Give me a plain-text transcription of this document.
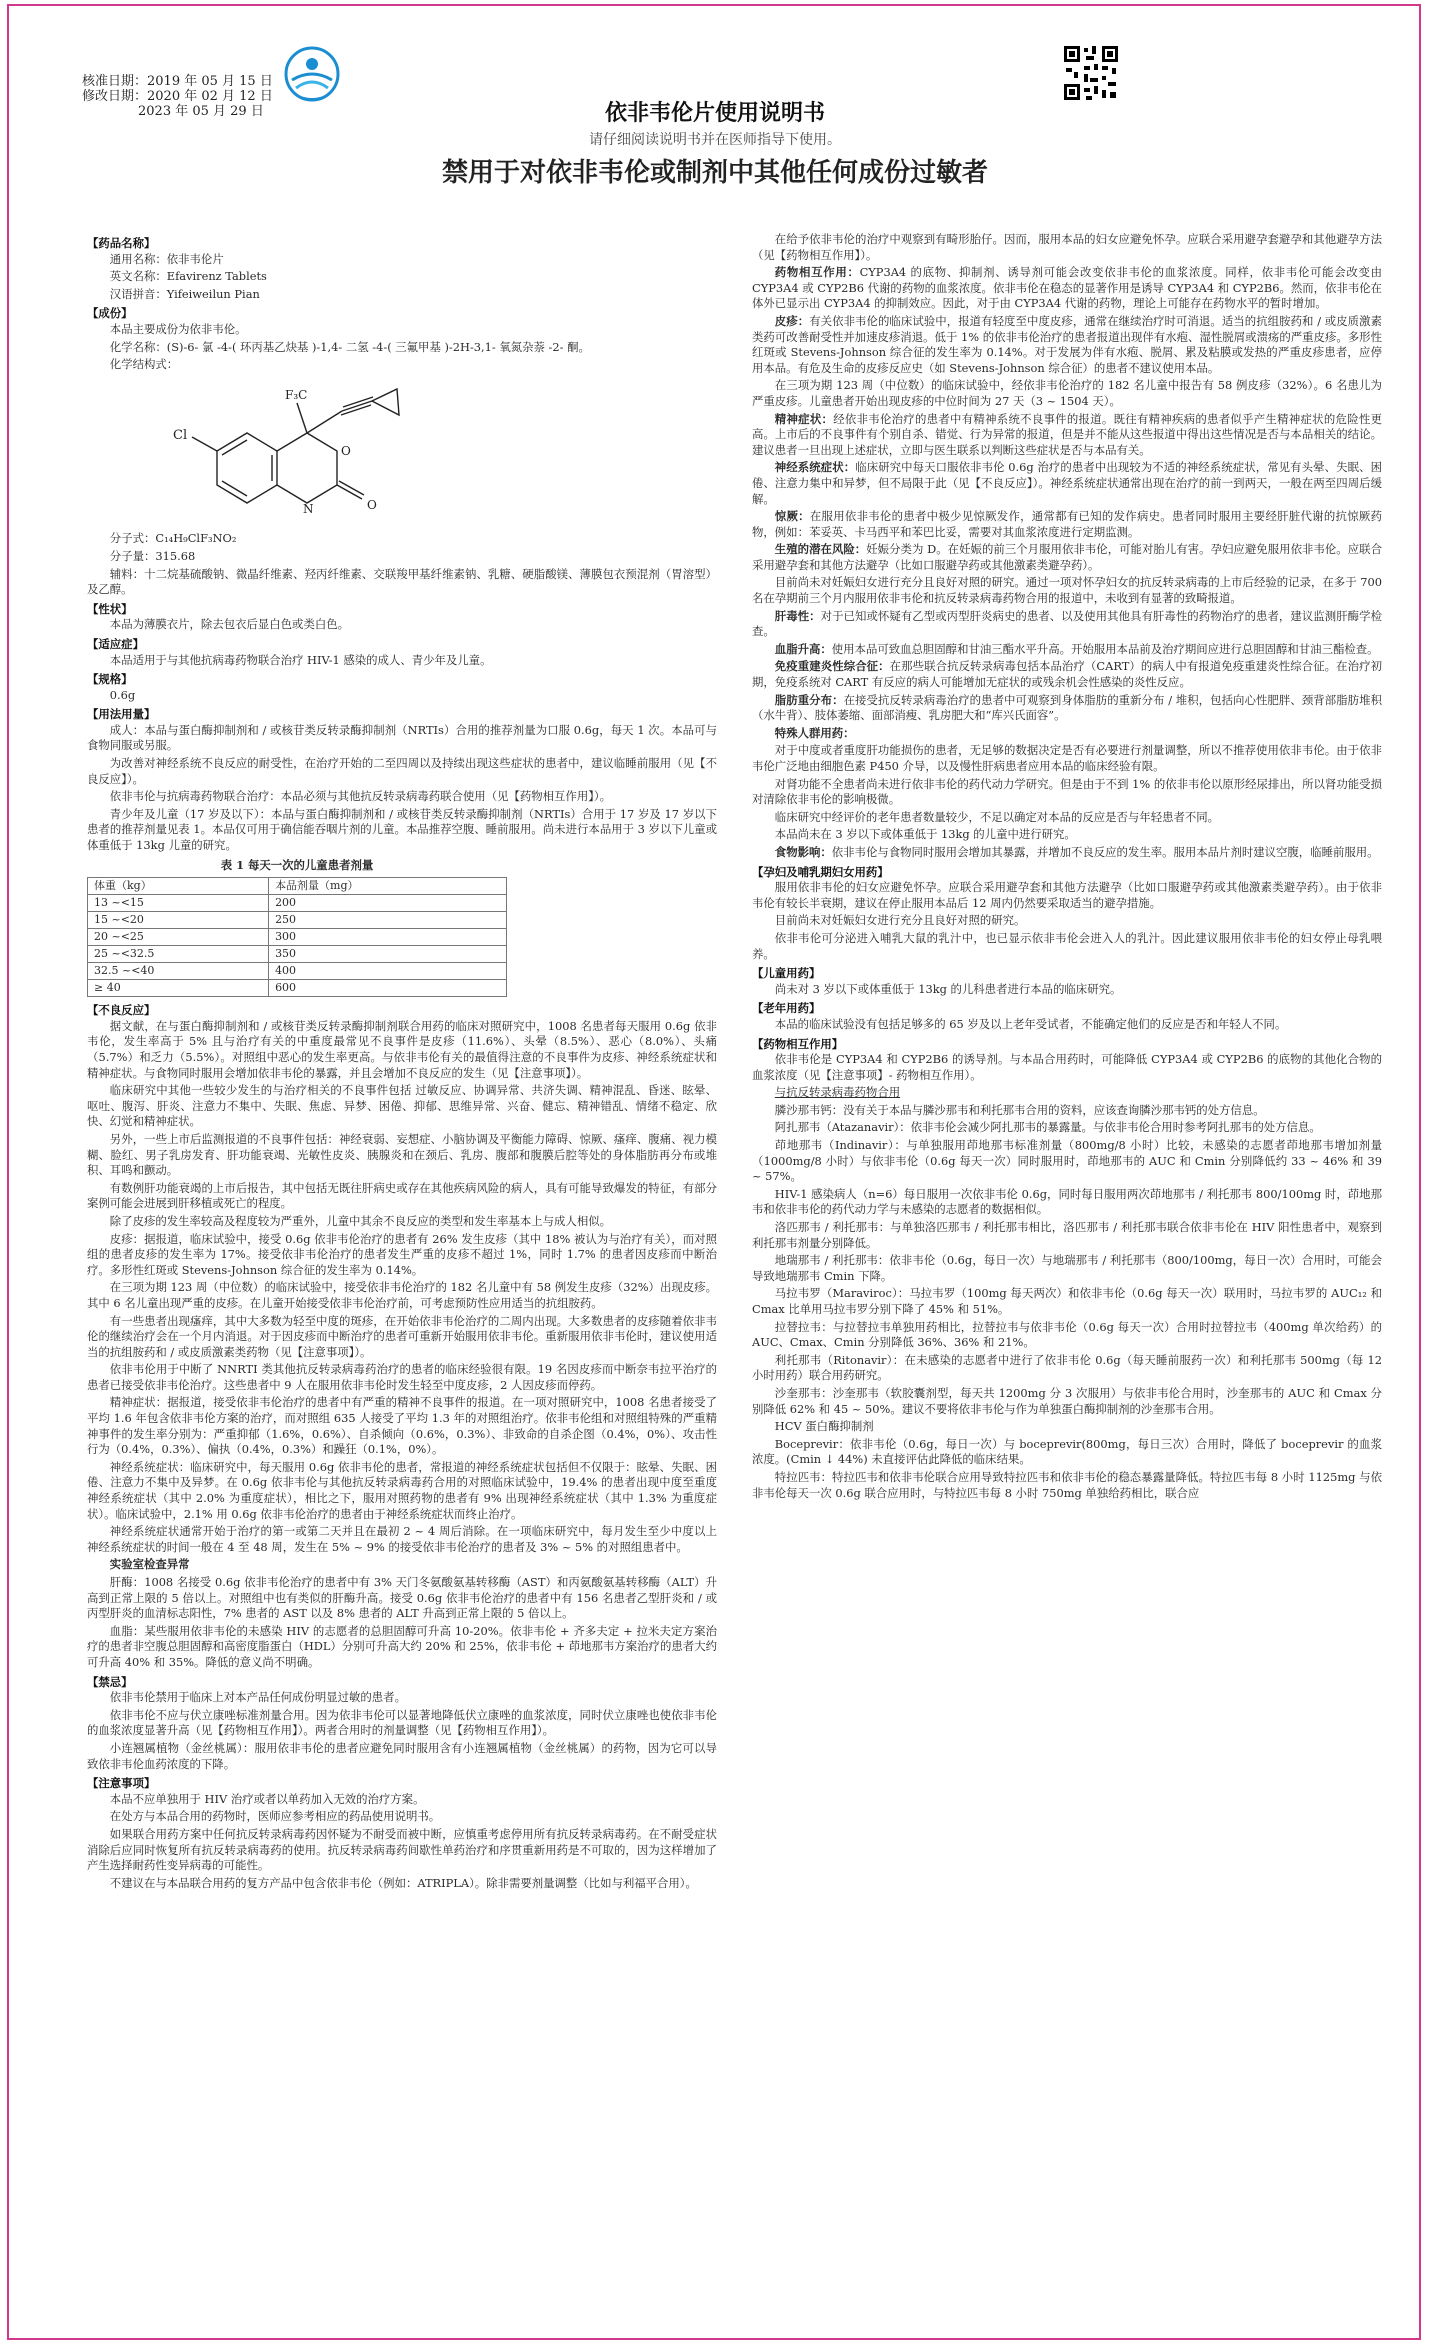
核准日期：2019 年 05 月 15 日
修改日期：2020 年 02 月 12 日
2023 年 05 月 29 日	依非韦伦片使用说明书
请仔细阅读说明书并在医师指导下使用。
禁用于对依非韦伦或制剂中其他任何成份过敏者
【药品名称】

通用名称：依非韦伦片

英文名称：Efavirenz Tablets

汉语拼音：Yifeiweilun Pian

【成份】

本品主要成份为依非韦伦。

化学名称：(S)-6- 氯 -4-( 环丙基乙炔基 )-1,4- 二氢 -4-( 三氟甲基 )-2H-3,1- 氧氮杂萘 -2- 酮。

化学结构式：

Cl
F₃C
O
O
N

分子式：C₁₄H₉ClF₃NO₂

分子量：315.68

辅料：十二烷基硫酸钠、微晶纤维素、羟丙纤维素、交联羧甲基纤维素钠、乳糖、硬脂酸镁、薄膜包衣预混剂（胃溶型）及乙醇。

【性状】

本品为薄膜衣片，除去包衣后显白色或类白色。

【适应症】

本品适用于与其他抗病毒药物联合治疗 HIV-1 感染的成人、青少年及儿童。

【规格】

0.6g

【用法用量】

成人：本品与蛋白酶抑制剂和 / 或核苷类反转录酶抑制剂（NRTIs）合用的推荐剂量为口服 0.6g，每天 1 次。本品可与食物同服或另服。

为改善对神经系统不良反应的耐受性，在治疗开始的二至四周以及持续出现这些症状的患者中，建议临睡前服用（见【不良反应】）。

依非韦伦与抗病毒药物联合治疗：本品必须与其他抗反转录病毒药联合使用（见【药物相互作用】）。

青少年及儿童（17 岁及以下）：本品与蛋白酶抑制剂和 / 或核苷类反转录酶抑制剂（NRTIs）合用于 17 岁及 17 岁以下患者的推荐剂量见表 1。本品仅可用于确信能吞咽片剂的儿童。本品推荐空腹、睡前服用。尚未进行本品用于 3 岁以下儿童或体重低于 13kg 儿童的研究。

表 1 每天一次的儿童患者剂量
体重（kg）	本品剂量（mg）
13 ~<15	200
15 ~<20	250
20 ~<25	300
25 ~<32.5	350
32.5 ~<40	400
≥ 40	600
【不良反应】

据文献，在与蛋白酶抑制剂和 / 或核苷类反转录酶抑制剂联合用药的临床对照研究中，1008 名患者每天服用 0.6g 依非韦伦，发生率高于 5% 且与治疗有关的中重度最常见不良事件是皮疹（11.6%）、头晕（8.5%）、恶心（8.0%）、头痛（5.7%）和乏力（5.5%）。对照组中恶心的发生率更高。与依非韦伦有关的最值得注意的不良事件为皮疹、神经系统症状和精神症状。与食物同时服用会增加依非韦伦的暴露，并且会增加不良反应的发生（见【注意事项】）。

临床研究中其他一些较少发生的与治疗相关的不良事件包括 过敏反应、协调异常、共济失调、精神混乱、昏迷、眩晕、呕吐、腹泻、肝炎、注意力不集中、失眠、焦虑、异梦、困倦、抑郁、思维异常、兴奋、健忘、精神错乱、情绪不稳定、欣快、幻觉和精神症状。

另外，一些上市后监测报道的不良事件包括：神经衰弱、妄想症、小脑协调及平衡能力障碍、惊厥、瘙痒、腹痛、视力模糊、脸红、男子乳房发育、肝功能衰竭、光敏性皮炎、胰腺炎和在颈后、乳房、腹部和腹膜后腔等处的身体脂肪再分布或堆积、耳鸣和颤动。

有数例肝功能衰竭的上市后报告，其中包括无既往肝病史或存在其他疾病风险的病人，具有可能导致爆发的特征，有部分案例可能会进展到肝移植或死亡的程度。

除了皮疹的发生率较高及程度较为严重外，儿童中其余不良反应的类型和发生率基本上与成人相似。

皮疹：据报道，临床试验中，接受 0.6g 依非韦伦治疗的患者有 26% 发生皮疹（其中 18% 被认为与治疗有关），而对照组的患者皮疹的发生率为 17%。接受依非韦伦治疗的患者发生严重的皮疹不超过 1%，同时 1.7% 的患者因皮疹而中断治疗。多形性红斑或 Stevens-Johnson 综合征的发生率为 0.14%。

在三项为期 123 周（中位数）的临床试验中，接受依非韦伦治疗的 182 名儿童中有 58 例发生皮疹（32%）出现皮疹。其中 6 名儿童出现严重的皮疹。在儿童开始接受依非韦伦治疗前，可考虑预防性应用适当的抗组胺药。

有一些患者出现瘙痒，其中大多数为轻至中度的斑疹，在开始依非韦伦治疗的二周内出现。大多数患者的皮疹随着依非韦伦的继续治疗会在一个月内消退。对于因皮疹而中断治疗的患者可重新开始服用依非韦伦。重新服用依非韦伦时，建议使用适当的抗组胺药和 / 或皮质激素类药物（见【注意事项】）。

依非韦伦用于中断了 NNRTI 类其他抗反转录病毒药治疗的患者的临床经验很有限。19 名因皮疹而中断奈韦拉平治疗的患者已接受依非韦伦治疗。这些患者中 9 人在服用依非韦伦时发生轻至中度皮疹，2 人因皮疹而停药。

精神症状：据报道，接受依非韦伦治疗的患者中有严重的精神不良事件的报道。在一项对照研究中，1008 名患者接受了平均 1.6 年包含依非韦伦方案的治疗，而对照组 635 人接受了平均 1.3 年的对照组治疗。依非韦伦组和对照组特殊的严重精神事件的发生率分别为：严重抑郁（1.6%，0.6%）、自杀倾向（0.6%，0.3%）、非致命的自杀企图（0.4%，0%）、攻击性行为（0.4%，0.3%）、偏执（0.4%，0.3%）和躁狂（0.1%，0%）。

神经系统症状：临床研究中，每天服用 0.6g 依非韦伦的患者，常报道的神经系统症状包括但不仅限于：眩晕、失眠、困倦、注意力不集中及异梦。在 0.6g 依非韦伦与其他抗反转录病毒药合用的对照临床试验中，19.4% 的患者出现中度至重度神经系统症状（其中 2.0% 为重度症状），相比之下，服用对照药物的患者有 9% 出现神经系统症状（其中 1.3% 为重度症状）。临床试验中，2.1% 用 0.6g 依非韦伦治疗的患者由于神经系统症状而终止治疗。

神经系统症状通常开始于治疗的第一或第二天并且在最初 2 ~ 4 周后消除。在一项临床研究中，每月发生至少中度以上神经系统症状的时间一般在 4 至 48 周，发生在 5% ~ 9% 的接受依非韦伦治疗的患者及 3% ~ 5% 的对照组患者中。

实验室检查异常

肝酶：1008 名接受 0.6g 依非韦伦治疗的患者中有 3% 天门冬氨酸氨基转移酶（AST）和丙氨酸氨基转移酶（ALT）升高到正常上限的 5 倍以上。对照组中也有类似的肝酶升高。接受 0.6g 依非韦伦治疗的患者中有 156 名患者乙型肝炎和 / 或丙型肝炎的血清标志阳性，7% 患者的 AST 以及 8% 患者的 ALT 升高到正常上限的 5 倍以上。

血脂：某些服用依非韦伦的未感染 HIV 的志愿者的总胆固醇可升高 10-20%。依非韦伦 + 齐多夫定 + 拉米夫定方案治疗的患者非空腹总胆固醇和高密度脂蛋白（HDL）分别可升高大约 20% 和 25%，依非韦伦 + 茚地那韦方案治疗的患者大约可升高 40% 和 35%。降低的意义尚不明确。

【禁忌】

依非韦伦禁用于临床上对本产品任何成份明显过敏的患者。

依非韦伦不应与伏立康唑标准剂量合用。因为依非韦伦可以显著地降低伏立康唑的血浆浓度，同时伏立康唑也使依非韦伦的血浆浓度显著升高（见【药物相互作用】）。两者合用时的剂量调整（见【药物相互作用】）。

小连翘属植物（金丝桃属）：服用依非韦伦的患者应避免同时服用含有小连翘属植物（金丝桃属）的药物，因为它可以导致依非韦伦血药浓度的下降。

【注意事项】

本品不应单独用于 HIV 治疗或者以单药加入无效的治疗方案。

在处方与本品合用的药物时，医师应参考相应的药品使用说明书。

如果联合用药方案中任何抗反转录病毒药因怀疑为不耐受而被中断，应慎重考虑停用所有抗反转录病毒药。在不耐受症状消除后应同时恢复所有抗反转录病毒药的使用。抗反转录病毒药间歇性单药治疗和序贯重新用药是不可取的，因为这样增加了产生选择耐药性变异病毒的可能性。

不建议在与本品联合用药的复方产品中包含依非韦伦（例如：ATRIPLA）。除非需要剂量调整（比如与利福平合用）。

在给予依非韦伦的治疗中观察到有畸形胎仔。因而，服用本品的妇女应避免怀孕。应联合采用避孕套避孕和其他避孕方法（见【药物相互作用】）。

药物相互作用：CYP3A4 的底物、抑制剂、诱导剂可能会改变依非韦伦的血浆浓度。同样，依非韦伦可能会改变由 CYP3A4 或 CYP2B6 代谢的药物的血浆浓度。依非韦伦在稳态的显著作用是诱导 CYP3A4 和 CYP2B6。然而，依非韦伦在体外已显示出 CYP3A4 的抑制效应。因此，对于由 CYP3A4 代谢的药物，理论上可能存在药物水平的暂时增加。

皮疹：有关依非韦伦的临床试验中，报道有轻度至中度皮疹，通常在继续治疗时可消退。适当的抗组胺药和 / 或皮质激素类药可改善耐受性并加速皮疹消退。低于 1% 的依非韦伦治疗的患者报道出现伴有水疱、湿性脱屑或溃疡的严重皮疹。多形性红斑或 Stevens-Johnson 综合征的发生率为 0.14%。对于发展为伴有水疱、脱屑、累及粘膜或发热的严重皮疹患者，应停用本品。有危及生命的皮疹反应史（如 Stevens-Johnson 综合征）的患者不建议使用本品。

在三项为期 123 周（中位数）的临床试验中，经依非韦伦治疗的 182 名儿童中报告有 58 例皮疹（32%）。6 名患儿为严重皮疹。儿童患者开始出现皮疹的中位时间为 27 天（3 ~ 1504 天）。

精神症状：经依非韦伦治疗的患者中有精神系统不良事件的报道。既往有精神疾病的患者似乎产生精神症状的危险性更高。上市后的不良事件有个别自杀、错觉、行为异常的报道，但是并不能从这些报道中得出这些情况是否与本品相关的结论。建议患者一旦出现上述症状，立即与医生联系以判断这些症状是否与本品有关。

神经系统症状：临床研究中每天口服依非韦伦 0.6g 治疗的患者中出现较为不适的神经系统症状，常见有头晕、失眠、困倦、注意力集中和异梦，但不局限于此（见【不良反应】）。神经系统症状通常出现在治疗的前一到两天，一般在两至四周后缓解。

惊厥：在服用依非韦伦的患者中极少见惊厥发作，通常都有已知的发作病史。患者同时服用主要经肝脏代谢的抗惊厥药物，例如：苯妥英、卡马西平和苯巴比妥，需要对其血浆浓度进行定期监测。

生殖的潜在风险：妊娠分类为 D。在妊娠的前三个月服用依非韦伦，可能对胎儿有害。孕妇应避免服用依非韦伦。应联合采用避孕套和其他方法避孕（比如口服避孕药或其他激素类避孕药）。

目前尚未对妊娠妇女进行充分且良好对照的研究。通过一项对怀孕妇女的抗反转录病毒的上市后经验的记录，在多于 700 名在孕期前三个月内服用依非韦伦和抗反转录病毒药物合用的报道中，未收到有显著的致畸报道。

肝毒性：对于已知或怀疑有乙型或丙型肝炎病史的患者、以及使用其他具有肝毒性的药物治疗的患者，建议监测肝酶学检查。

血脂升高：使用本品可致血总胆固醇和甘油三酯水平升高。开始服用本品前及治疗期间应进行总胆固醇和甘油三酯检查。

免疫重建炎性综合征：在那些联合抗反转录病毒包括本品治疗（CART）的病人中有报道免疫重建炎性综合征。在治疗初期，免疫系统对 CART 有反应的病人可能增加无症状的或残余机会性感染的炎性反应。

脂肪重分布：在接受抗反转录病毒治疗的患者中可观察到身体脂肪的重新分布 / 堆积，包括向心性肥胖、颈背部脂肪堆积（水牛背）、肢体萎缩、面部消瘦、乳房肥大和“库兴氏面容”。

特殊人群用药：

对于中度或者重度肝功能损伤的患者，无足够的数据决定是否有必要进行剂量调整，所以不推荐使用依非韦伦。由于依非韦伦广泛地由细胞色素 P450 介导，以及慢性肝病患者应用本品的临床经验有限。

对肾功能不全患者尚未进行依非韦伦的药代动力学研究。但是由于不到 1% 的依非韦伦以原形经尿排出，所以肾功能受损对清除依非韦伦的影响极微。

临床研究中经评价的老年患者数量较少，不足以确定对本品的反应是否与年轻患者不同。

本品尚未在 3 岁以下或体重低于 13kg 的儿童中进行研究。

食物影响：依非韦伦与食物同时服用会增加其暴露，并增加不良反应的发生率。服用本品片剂时建议空腹，临睡前服用。

【孕妇及哺乳期妇女用药】

服用依非韦伦的妇女应避免怀孕。应联合采用避孕套和其他方法避孕（比如口服避孕药或其他激素类避孕药）。由于依非韦伦有较长半衰期，建议在停止服用本品后 12 周内仍然要采取适当的避孕措施。

目前尚未对妊娠妇女进行充分且良好对照的研究。

依非韦伦可分泌进入哺乳大鼠的乳汁中，也已显示依非韦伦会进入人的乳汁。因此建议服用依非韦伦的妇女停止母乳喂养。

【儿童用药】

尚未对 3 岁以下或体重低于 13kg 的儿科患者进行本品的临床研究。

【老年用药】

本品的临床试验没有包括足够多的 65 岁及以上老年受试者，不能确定他们的反应是否和年轻人不同。

【药物相互作用】

依非韦伦是 CYP3A4 和 CYP2B6 的诱导剂。与本品合用药时，可能降低 CYP3A4 或 CYP2B6 的底物的其他化合物的血浆浓度（见【注意事项】- 药物相互作用）。

与抗反转录病毒药物合用

膦沙那韦钙：没有关于本品与膦沙那韦和利托那韦合用的资料，应该查询膦沙那韦钙的处方信息。

阿扎那韦（Atazanavir）：依非韦伦会减少阿扎那韦的暴露量。与依非韦伦合用时参考阿扎那韦的处方信息。

茚地那韦（Indinavir）：与单独服用茚地那韦标准剂量（800mg/8 小时）比较，未感染的志愿者茚地那韦增加剂量（1000mg/8 小时）与依非韦伦（0.6g 每天一次）同时服用时，茚地那韦的 AUC 和 Cmin 分别降低约 33 ~ 46% 和 39 ~ 57%。

HIV-1 感染病人（n=6）每日服用一次依非韦伦 0.6g，同时每日服用两次茚地那韦 / 利托那韦 800/100mg 时，茚地那韦和依非韦伦的药代动力学与未感染的志愿者的数据相似。

洛匹那韦 / 利托那韦：与单独洛匹那韦 / 利托那韦相比，洛匹那韦 / 利托那韦联合依非韦伦在 HIV 阳性患者中，观察到利托那韦剂量分别降低。

地瑞那韦 / 利托那韦：依非韦伦（0.6g，每日一次）与地瑞那韦 / 利托那韦（800/100mg，每日一次）合用时，可能会导致地瑞那韦 Cmin 下降。

马拉韦罗（Maraviroc）：马拉韦罗（100mg 每天两次）和依非韦伦（0.6g 每天一次）联用时，马拉韦罗的 AUC₁₂ 和 Cmax 比单用马拉韦罗分别下降了 45% 和 51%。

拉替拉韦：与拉替拉韦单独用药相比，拉替拉韦与依非韦伦（0.6g 每天一次）合用时拉替拉韦（400mg 单次给药）的 AUC、Cmax、Cmin 分别降低 36%、36% 和 21%。

利托那韦（Ritonavir）：在未感染的志愿者中进行了依非韦伦 0.6g（每天睡前服药一次）和利托那韦 500mg（每 12 小时用药）联合用药研究。

沙奎那韦：沙奎那韦（软胶囊剂型，每天共 1200mg 分 3 次服用）与依非韦伦合用时，沙奎那韦的 AUC 和 Cmax 分别降低 62% 和 45 ~ 50%。建议不要将依非韦伦与作为单独蛋白酶抑制剂的沙奎那韦合用。

HCV 蛋白酶抑制剂

Boceprevir：依非韦伦（0.6g，每日一次）与 boceprevir(800mg，每日三次）合用时，降低了 boceprevir 的血浆浓度。(Cmin ↓ 44%) 未直接评估此降低的临床结果。

特拉匹韦：特拉匹韦和依非韦伦联合应用导致特拉匹韦和依非韦伦的稳态暴露量降低。特拉匹韦每 8 小时 1125mg 与依非韦伦每天一次 0.6g 联合应用时，与特拉匹韦每 8 小时 750mg 单独给药相比，联合应
